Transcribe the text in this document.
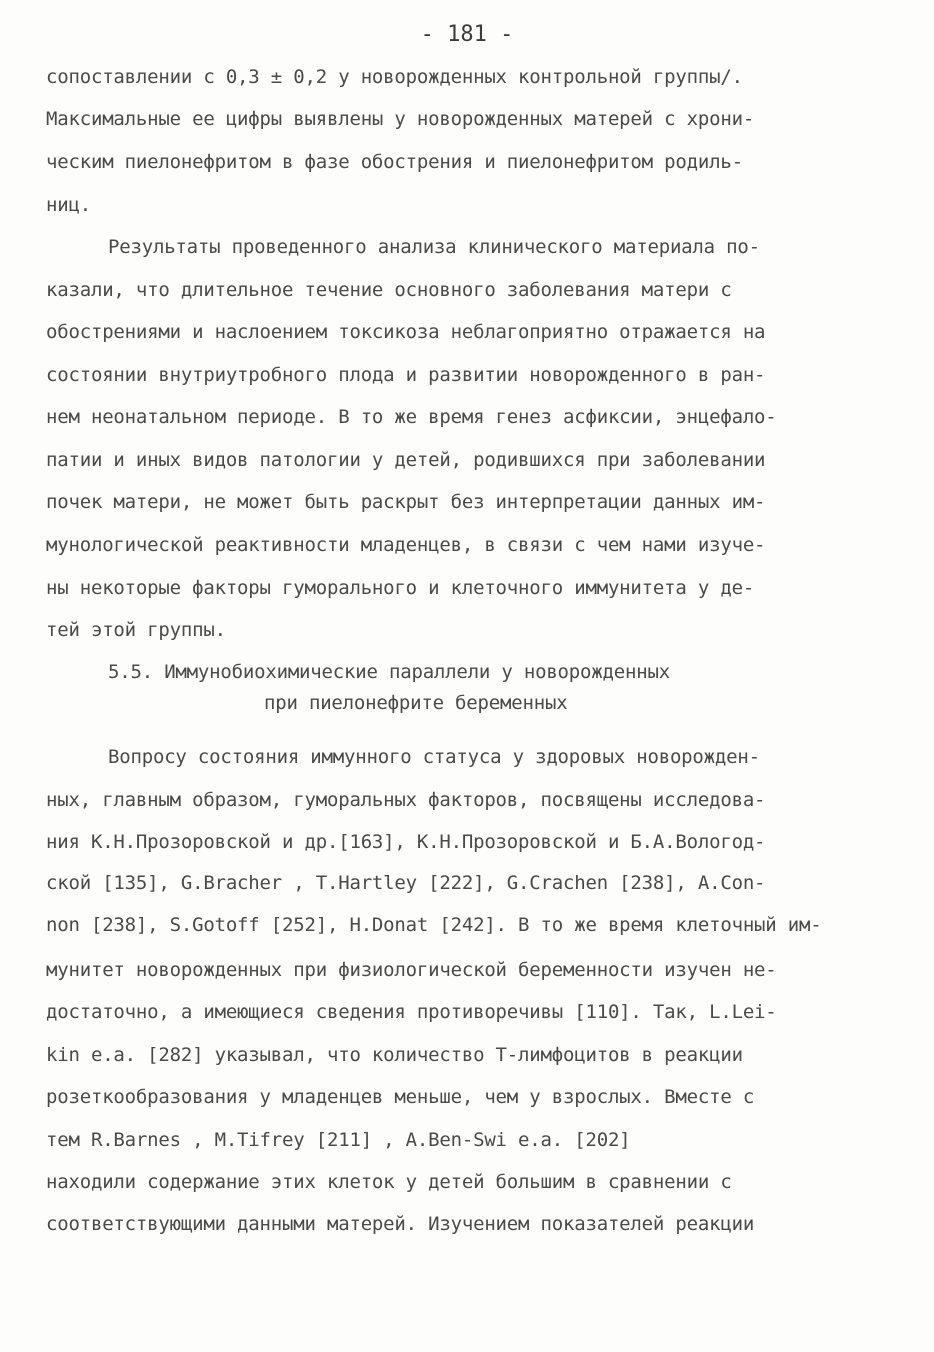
- 181 -
сопоставлении с 0,3 ± 0,2 у новорожденных контрольной группы/.
Максимальные ее цифры выявлены у новорожденных матерей с хрони-
ческим пиелонефритом в фазе обострения и пиелонефритом родиль-
ниц.
Результаты проведенного анализа клинического материала по-
казали, что длительное течение основного заболевания матери с
обострениями и наслоением токсикоза неблагоприятно отражается на
состоянии внутриутробного плода и развитии новорожденного в ран-
нем неонатальном периоде. В то же время генез асфиксии, энцефало-
патии и иных видов патологии у детей, родившихся при заболевании
почек матери, не может быть раскрыт без интерпретации данных им-
мунологической реактивности младенцев, в связи с чем нами изуче-
ны некоторые факторы гуморального и клеточного иммунитета у де-
тей этой группы.
5.5. Иммунобиохимические параллели у новорожденных
при пиелонефрите беременных
Вопросу состояния иммунного статуса у здоровых новорожден-
ных, главным образом, гуморальных факторов, посвящены исследова-
ния К.Н.Прозоровской и др.[163], К.Н.Прозоровской и Б.А.Вологод-
ской [135], G.Bracher , T.Hartley [222], G.Crachen [238], A.Con-
non [238], S.Gotoff [252], H.Donat [242]. В то же время клеточный им-
мунитет новорожденных при физиологической беременности изучен не-
достаточно, а имеющиеся сведения противоречивы [110]. Так, L.Lei-
kin e.a. [282] указывал, что количество Т-лимфоцитов в реакции
розеткообразования у младенцев меньше, чем у взрослых. Вместе с
тем R.Barnes , M.Tifrey [211] , A.Ben-Swi e.a. [202]
находили содержание этих клеток у детей большим в сравнении с
соответствующими данными матерей. Изучением показателей реакции
